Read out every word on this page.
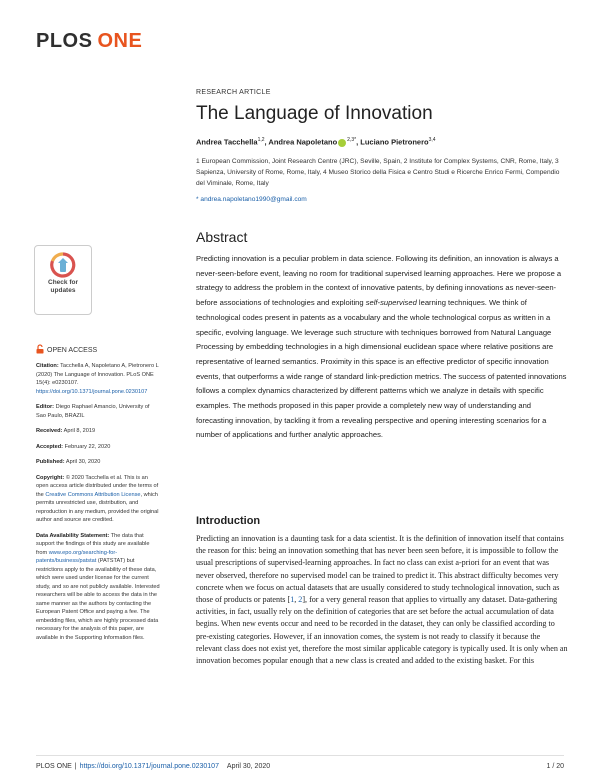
PLOS ONE
Check for updates
OPEN ACCESS

Citation: Tacchella A, Napoletano A, Pietronero L (2020) The Language of Innovation. PLoS ONE 15(4): e0230107. https://doi.org/10.1371/journal.pone.0230107

Editor: Diego Raphael Amancio, University of Sao Paulo, BRAZIL

Received: April 8, 2019

Accepted: February 22, 2020

Published: April 30, 2020

Copyright: © 2020 Tacchella et al. This is an open access article distributed under the terms of the Creative Commons Attribution License, which permits unrestricted use, distribution, and reproduction in any medium, provided the original author and source are credited.

Data Availability Statement: The data that support the findings of this study are available from www.epo.org/searching-for-patents/business/patstat (PATSTAT) but restrictions apply to the availability of these data, which were used under license for the current study, and so are not publicly available. Interested researchers will be able to access the data in the same manner as the authors by contacting the European Patent Office and paying a fee. The embedding files, which are highly processed data necessary for the analysis of this paper, are available in the Supporting Information files.

RESEARCH ARTICLE
The Language of Innovation
Andrea Tacchella$^{1,2}$, Andrea Napoletano $^{2,3*}$, Luciano Pietronero$^{3,4}$
1 European Commission, Joint Research Centre (JRC), Seville, Spain, 2 Institute for Complex Systems, CNR, Rome, Italy, 3 Sapienza, University of Rome, Rome, Italy, 4 Museo Storico della Fisica e Centro Studi e Ricerche Enrico Fermi, Compendio del Viminale, Rome, Italy
* andrea.napoletano1990@gmail.com
Abstract
Predicting innovation is a peculiar problem in data science. Following its definition, an innovation is always a never-seen-before event, leaving no room for traditional supervised learning approaches. Here we propose a strategy to address the problem in the context of innovative patents, by defining innovations as never-seen-before associations of technologies and exploiting self-supervised learning techniques. We think of technological codes present in patents as a vocabulary and the whole technological corpus as written in a specific, evolving language. We leverage such structure with techniques borrowed from Natural Language Processing by embedding technologies in a high dimensional euclidean space where relative positions are representative of learned semantics. Proximity in this space is an effective predictor of specific innovation events, that outperforms a wide range of standard link-prediction metrics. The success of patented innovations follows a complex dynamics characterized by different patterns which we analyze in details with specific examples. The methods proposed in this paper provide a completely new way of understanding and forecasting innovation, by tackling it from a revealing perspective and opening interesting scenarios for a number of applications and further analytic approaches.
Introduction
Predicting an innovation is a daunting task for a data scientist. It is the definition of innovation itself that contains the reason for this: being an innovation something that has never been seen before, it is impossible to follow the usual prescriptions of supervised-learning approaches. In fact no class can exist a-priori for an event that was never observed, therefore no supervised model can be trained to predict it. This abstract difficulty becomes very concrete when we focus on actual datasets that are usually considered to study technological innovation, such as those of products or patents [1, 2], for a very general reason that applies to virtually any dataset. Data-gathering activities, in fact, usually rely on the definition of categories that are set before the actual accumulation of data begins. When new events occur and need to be recorded in the dataset, they can only be classified according to pre-existing categories. However, if an innovation comes, the system is not ready to classify it because the relevant class does not exist yet, therefore the most similar applicable category is typically used. It is only when an innovation becomes popular enough that a new class is created and added to the existing basket. For this
PLOS ONE | https://doi.org/10.1371/journal.pone.0230107 April 30, 2020	1 / 20
